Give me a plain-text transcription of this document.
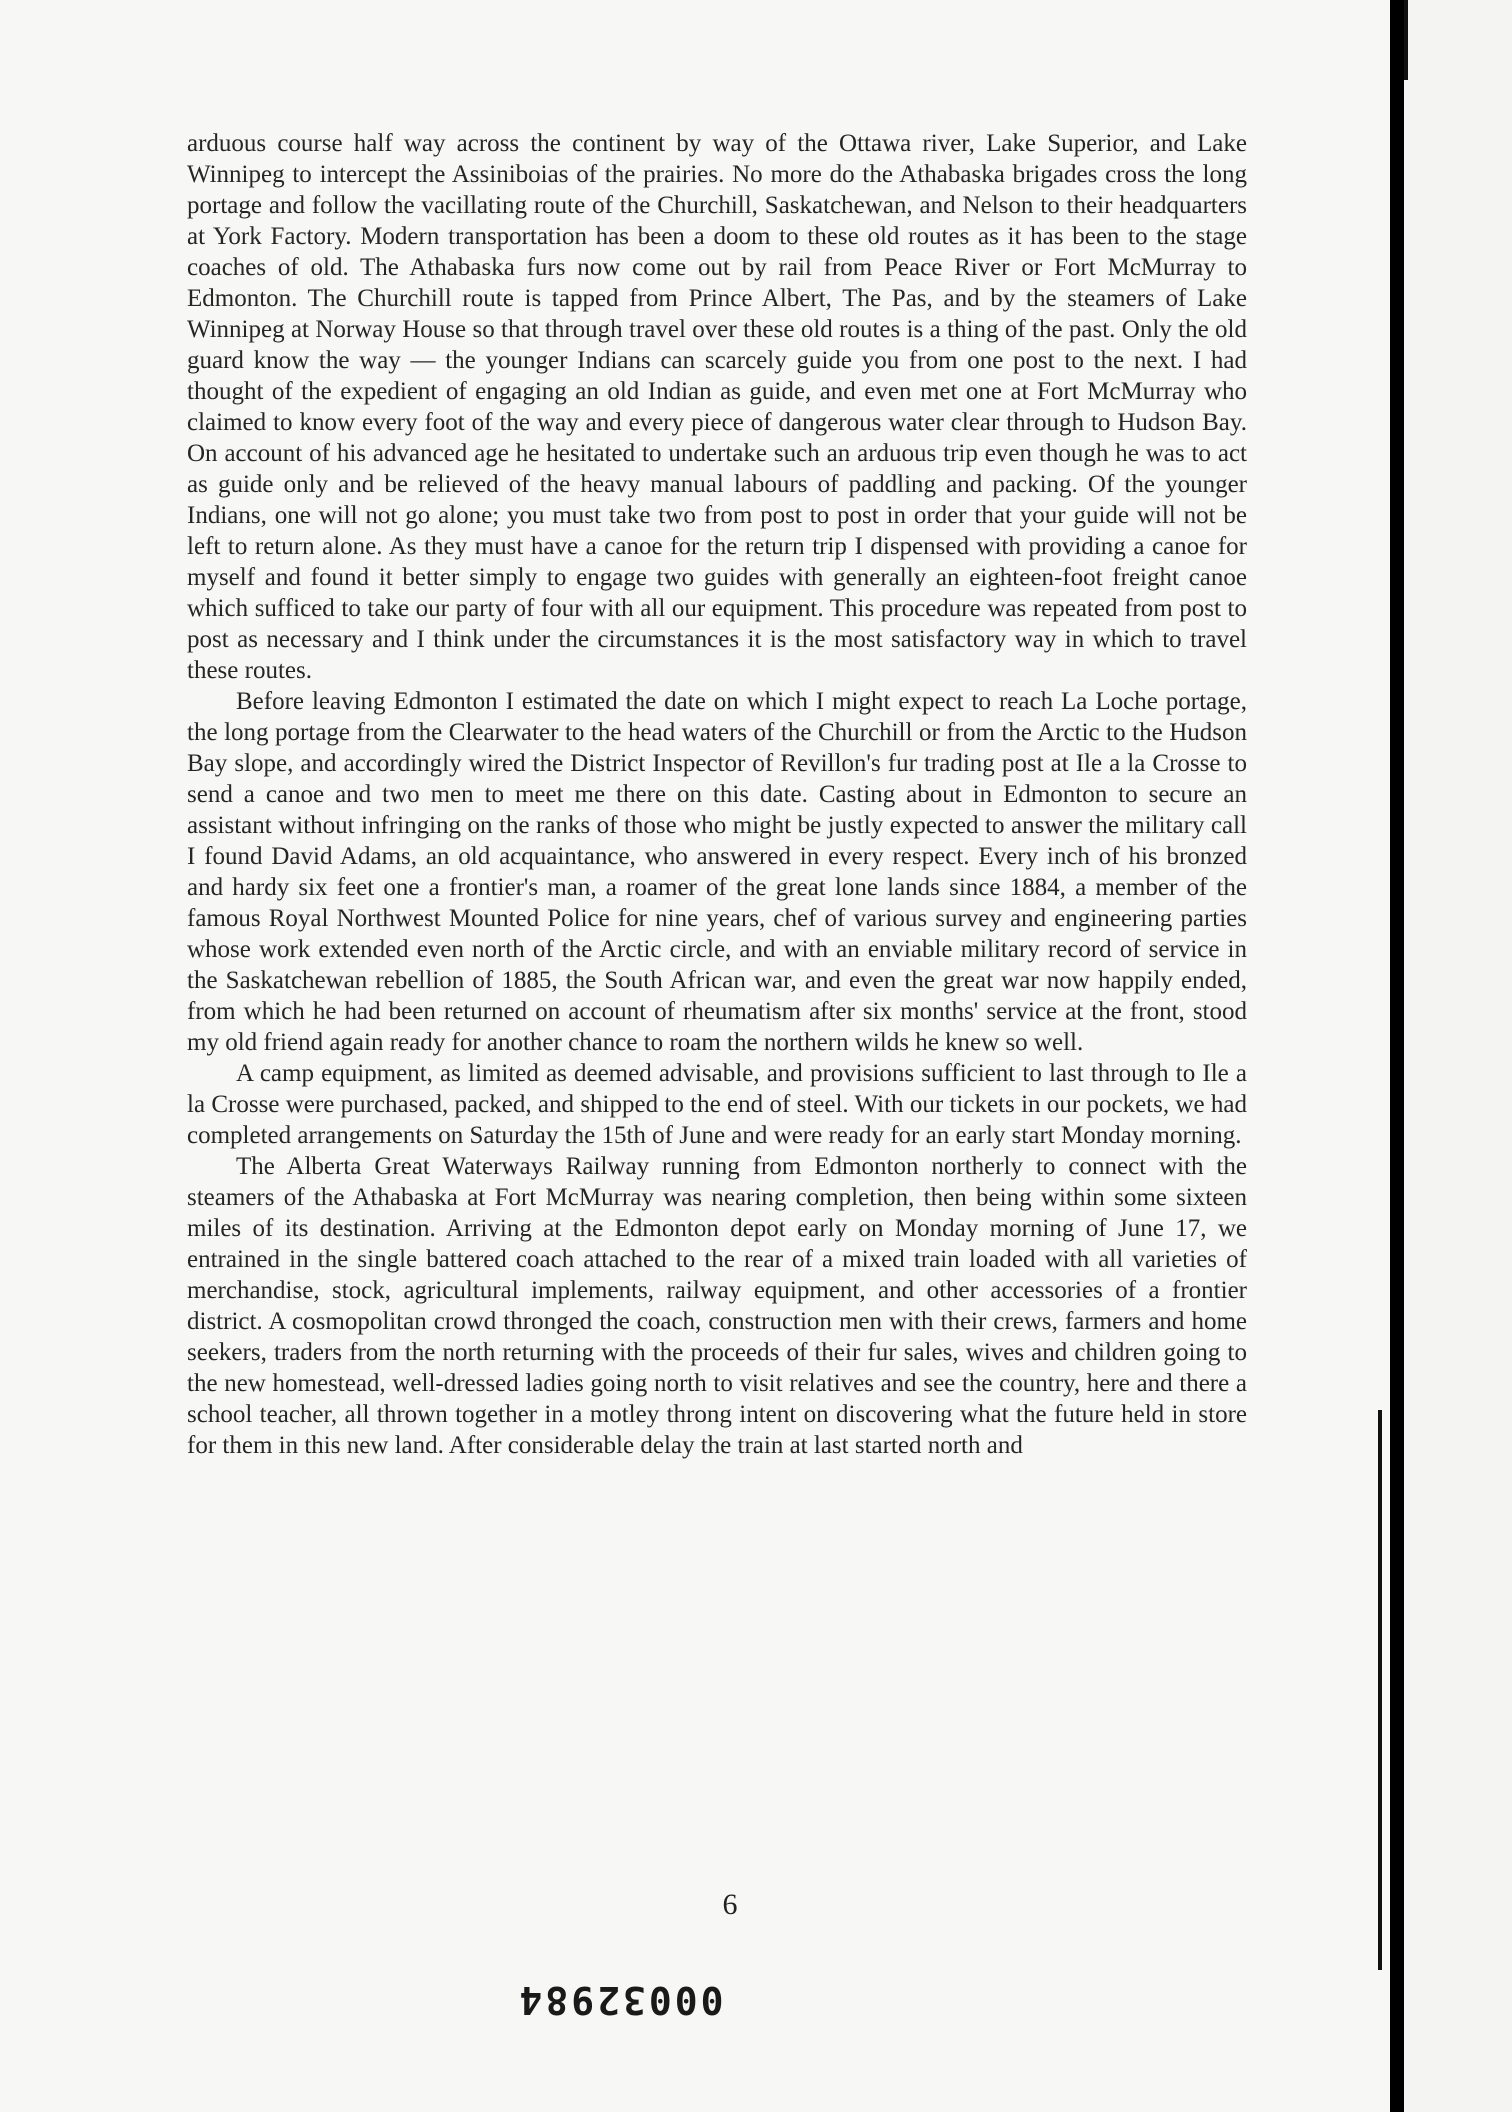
arduous course half way across the continent by way of the Ottawa river, Lake Superior, and Lake Winnipeg to intercept the Assiniboias of the prairies. No more do the Athabaska brigades cross the long portage and follow the vacillating route of the Churchill, Saskatchewan, and Nelson to their headquarters at York Factory. Modern transportation has been a doom to these old routes as it has been to the stage coaches of old. The Athabaska furs now come out by rail from Peace River or Fort McMurray to Edmonton. The Churchill route is tapped from Prince Albert, The Pas, and by the steamers of Lake Winnipeg at Norway House so that through travel over these old routes is a thing of the past. Only the old guard know the way — the younger Indians can scarcely guide you from one post to the next. I had thought of the expedient of engaging an old Indian as guide, and even met one at Fort McMurray who claimed to know every foot of the way and every piece of dangerous water clear through to Hudson Bay. On account of his advanced age he hesitated to undertake such an arduous trip even though he was to act as guide only and be relieved of the heavy manual labours of paddling and packing. Of the younger Indians, one will not go alone; you must take two from post to post in order that your guide will not be left to return alone. As they must have a canoe for the return trip I dispensed with providing a canoe for myself and found it better simply to engage two guides with generally an eighteen-foot freight canoe which sufficed to take our party of four with all our equipment. This procedure was repeated from post to post as necessary and I think under the circumstances it is the most satisfactory way in which to travel these routes.

Before leaving Edmonton I estimated the date on which I might expect to reach La Loche portage, the long portage from the Clearwater to the head waters of the Churchill or from the Arctic to the Hudson Bay slope, and accordingly wired the District Inspector of Revillon's fur trading post at Ile a la Crosse to send a canoe and two men to meet me there on this date. Casting about in Edmonton to secure an assistant without infringing on the ranks of those who might be justly expected to answer the military call I found David Adams, an old acquaintance, who answered in every respect. Every inch of his bronzed and hardy six feet one a frontier's man, a roamer of the great lone lands since 1884, a member of the famous Royal Northwest Mounted Police for nine years, chef of various survey and engineering parties whose work extended even north of the Arctic circle, and with an enviable military record of service in the Saskatchewan rebellion of 1885, the South African war, and even the great war now happily ended, from which he had been returned on account of rheumatism after six months' service at the front, stood my old friend again ready for another chance to roam the northern wilds he knew so well.

A camp equipment, as limited as deemed advisable, and provisions sufficient to last through to Ile a la Crosse were purchased, packed, and shipped to the end of steel. With our tickets in our pockets, we had completed arrangements on Saturday the 15th of June and were ready for an early start Monday morning.

The Alberta Great Waterways Railway running from Edmonton northerly to connect with the steamers of the Athabaska at Fort McMurray was nearing completion, then being within some sixteen miles of its destination. Arriving at the Edmonton depot early on Monday morning of June 17, we entrained in the single battered coach attached to the rear of a mixed train loaded with all varieties of merchandise, stock, agricultural implements, railway equipment, and other accessories of a frontier district. A cosmopolitan crowd thronged the coach, construction men with their crews, farmers and home seekers, traders from the north returning with the proceeds of their fur sales, wives and children going to the new homestead, well-dressed ladies going north to visit relatives and see the country, here and there a school teacher, all thrown together in a motley throng intent on discovering what the future held in store for them in this new land. After considerable delay the train at last started north and

6
00032984
